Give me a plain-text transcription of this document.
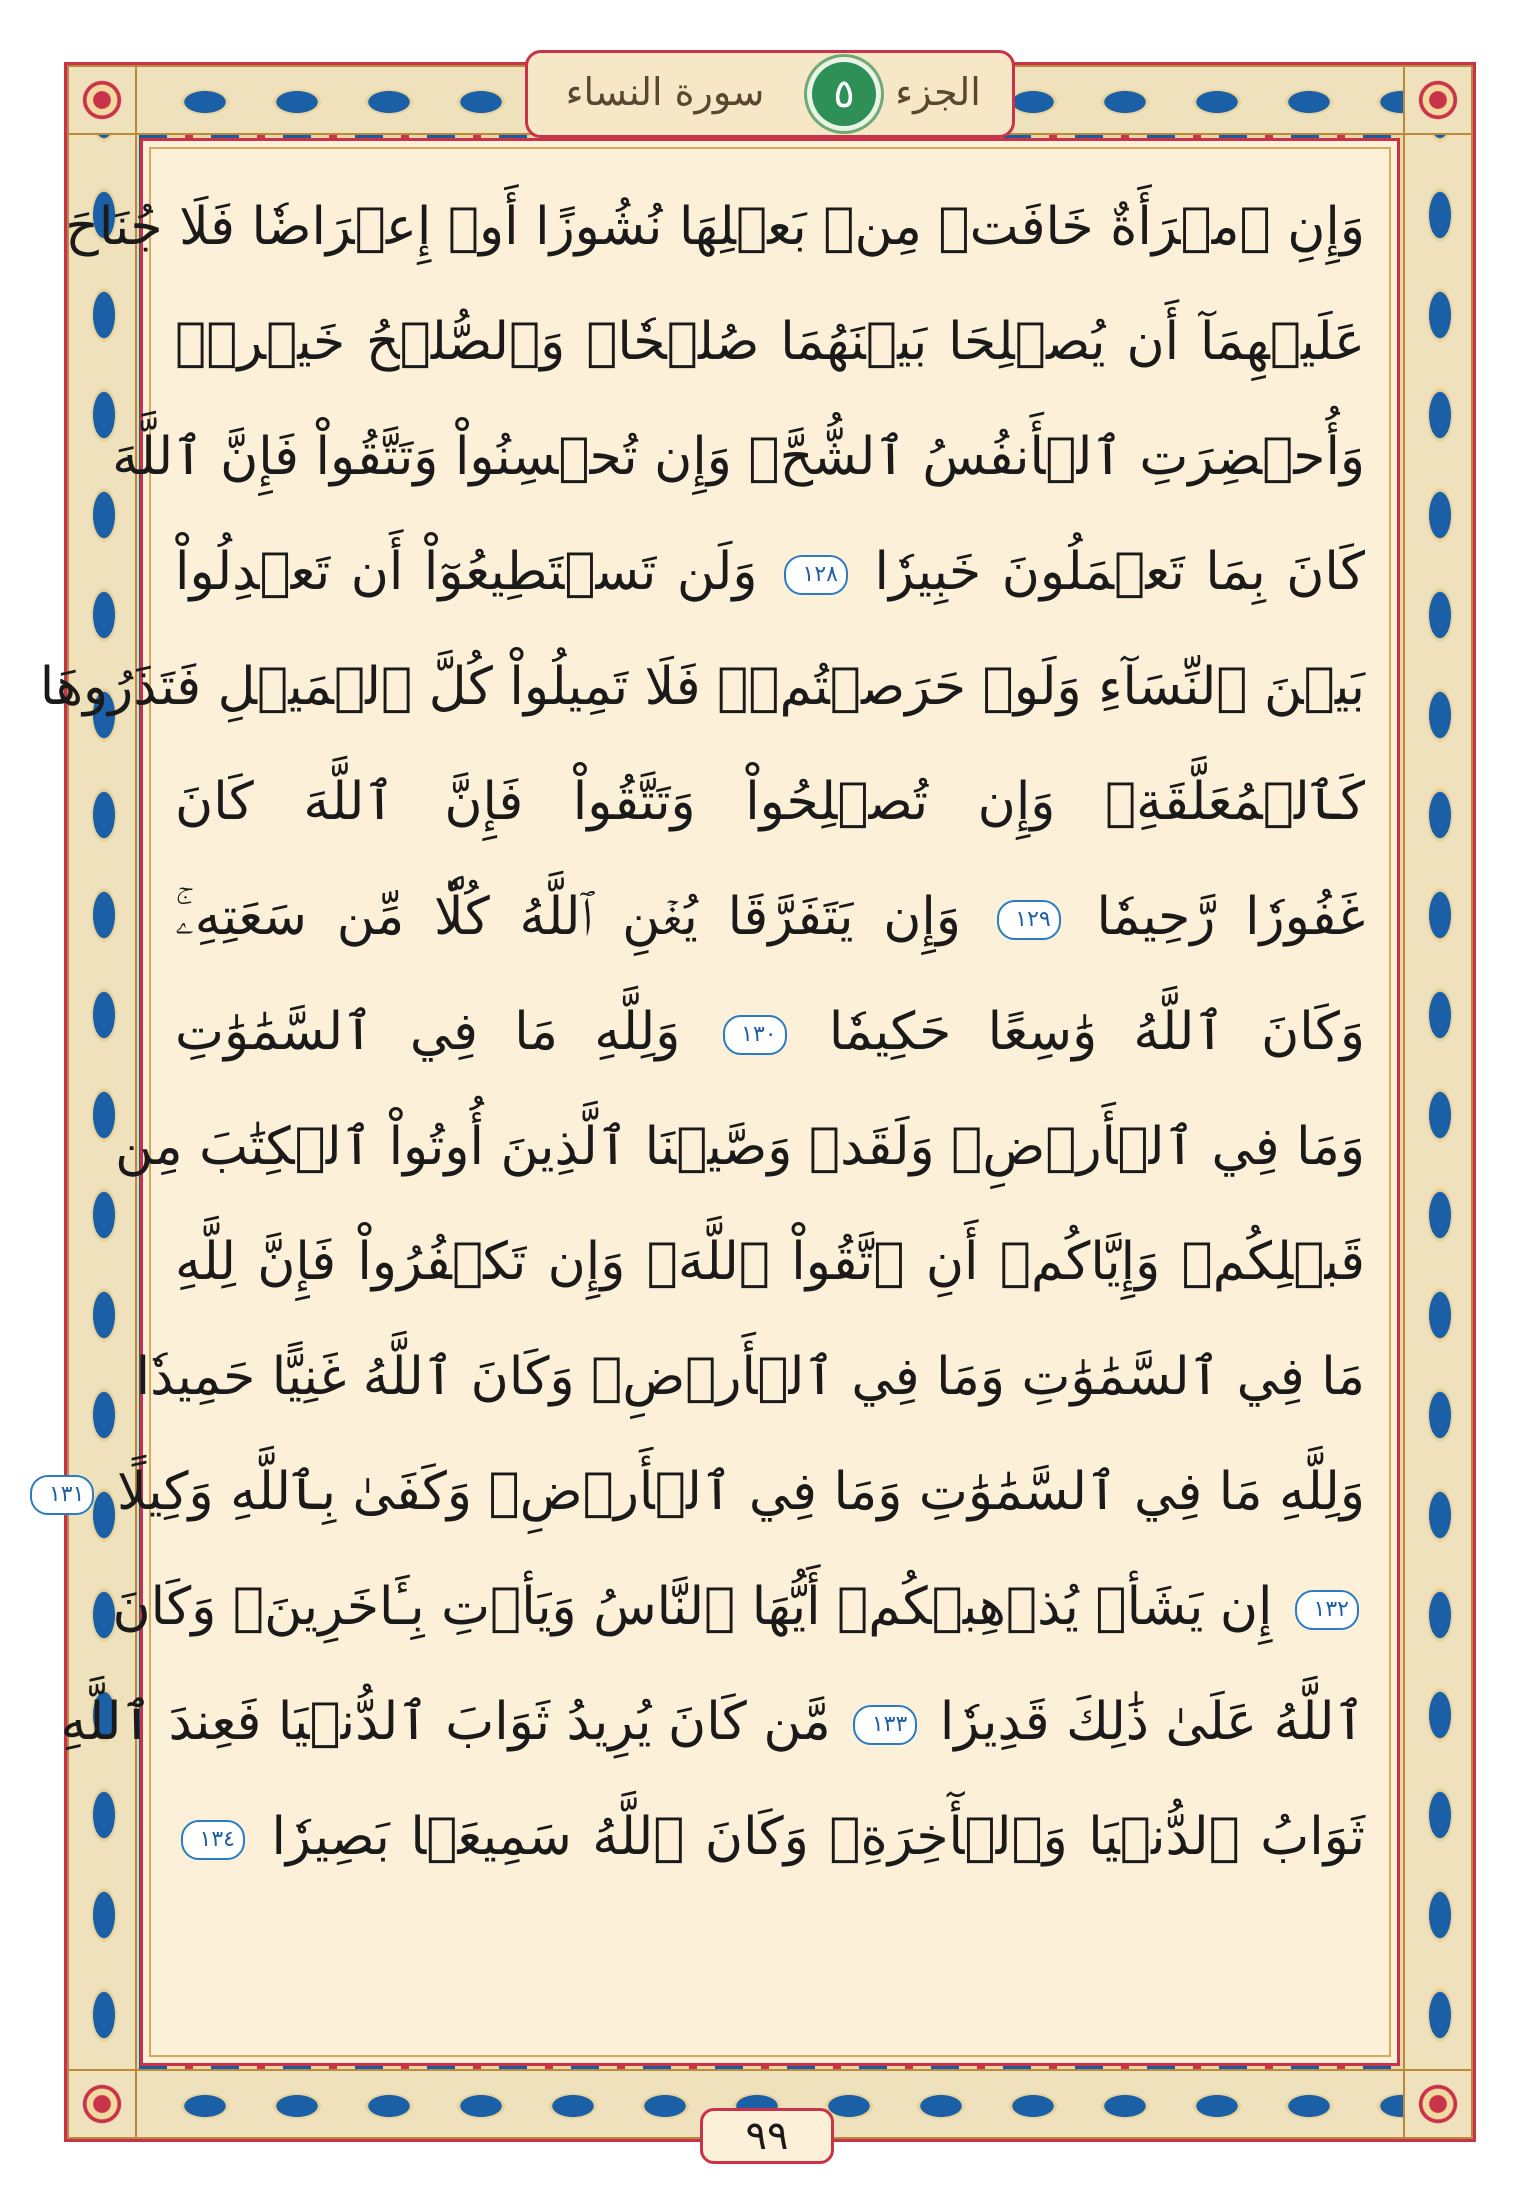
سورة النساء	٥	الجزء
وَإِنِ ٱمۡرَأَةٌ خَافَتۡ مِنۢ بَعۡلِهَا نُشُوزًا أَوۡ إِعۡرَاضٗا فَلَا جُنَاحَ
عَلَيۡهِمَآ أَن يُصۡلِحَا بَيۡنَهُمَا صُلۡحٗاۚ وَٱلصُّلۡحُ خَيۡرٞۗ
وَأُحۡضِرَتِ ٱلۡأَنفُسُ ٱلشُّحَّۚ وَإِن تُحۡسِنُواْ وَتَتَّقُواْ فَإِنَّ ٱللَّهَ
كَانَ بِمَا تَعۡمَلُونَ خَبِيرٗا ١٢٨ وَلَن تَسۡتَطِيعُوٓاْ أَن تَعۡدِلُواْ
بَيۡنَ ٱلنِّسَآءِ وَلَوۡ حَرَصۡتُمۡۖ فَلَا تَمِيلُواْ كُلَّ ٱلۡمَيۡلِ فَتَذَرُوهَا
كَٱلۡمُعَلَّقَةِۚ وَإِن تُصۡلِحُواْ وَتَتَّقُواْ فَإِنَّ ٱللَّهَ كَانَ
غَفُورٗا رَّحِيمٗا ١٢٩ وَإِن يَتَفَرَّقَا يُغۡنِ ٱللَّهُ كُلّٗا مِّن سَعَتِهِۦۚ
وَكَانَ ٱللَّهُ وَٰسِعًا حَكِيمٗا ١٣٠ وَلِلَّهِ مَا فِي ٱلسَّمَٰوَٰتِ
وَمَا فِي ٱلۡأَرۡضِۗ وَلَقَدۡ وَصَّيۡنَا ٱلَّذِينَ أُوتُواْ ٱلۡكِتَٰبَ مِن
قَبۡلِكُمۡ وَإِيَّاكُمۡ أَنِ ٱتَّقُواْ ٱللَّهَۚ وَإِن تَكۡفُرُواْ فَإِنَّ لِلَّهِ
مَا فِي ٱلسَّمَٰوَٰتِ وَمَا فِي ٱلۡأَرۡضِۚ وَكَانَ ٱللَّهُ غَنِيًّا حَمِيدٗا
وَلِلَّهِ مَا فِي ٱلسَّمَٰوَٰتِ وَمَا فِي ٱلۡأَرۡضِۚ وَكَفَىٰ بِٱللَّهِ وَكِيلًا ١٣١
١٣٢ إِن يَشَأۡ يُذۡهِبۡكُمۡ أَيُّهَا ٱلنَّاسُ وَيَأۡتِ بِـَٔاخَرِينَۚ وَكَانَ
ٱللَّهُ عَلَىٰ ذَٰلِكَ قَدِيرٗا ١٣٣ مَّن كَانَ يُرِيدُ ثَوَابَ ٱلدُّنۡيَا فَعِندَ ٱللَّهِ
ثَوَابُ ٱلدُّنۡيَا وَٱلۡأٓخِرَةِۚ وَكَانَ ٱللَّهُ سَمِيعَۢا بَصِيرٗا ١٣٤
٩٩
